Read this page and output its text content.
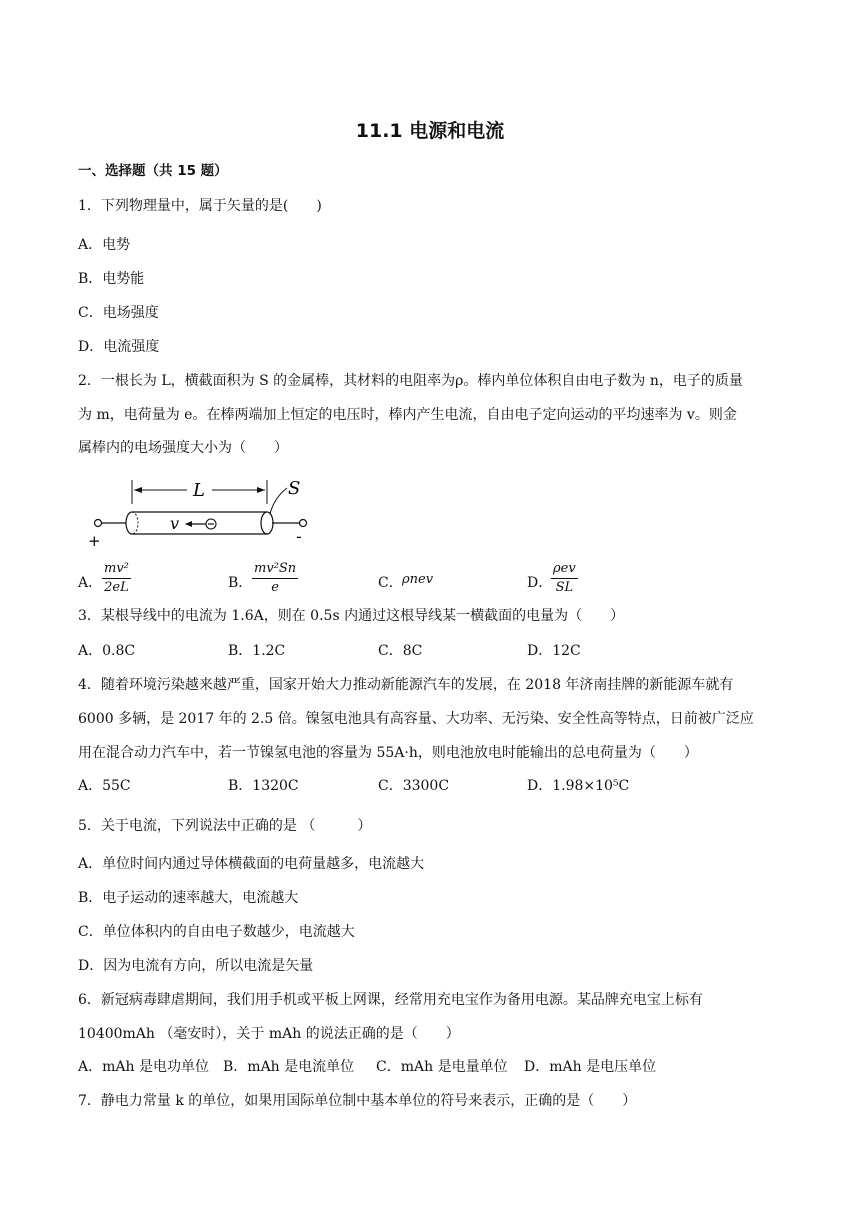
11.1 电源和电流
一、选择题（共 15 题）
1．下列物理量中，属于矢量的是(　　)
A．电势
B．电势能
C．电场强度
D．电流强度
2．一根长为 L，横截面积为 S 的金属棒，其材料的电阻率为ρ。棒内单位体积自由电子数为 n，电子的质量
为 m，电荷量为 e。在棒两端加上恒定的电压时，棒内产生电流，自由电子定向运动的平均速率为 v。则金
属棒内的电场强度大小为（　　）
L	S
v
+	-
A． $\frac{\text{mv²}}{2eL}$	B． $\frac{\text{mv²Sn}}{e}$	C． ρnev	D．
ρev
SL
3．某根导线中的电流为 1.6A，则在 0.5s 内通过这根导线某一横截面的电量为（　　）
A．0.8C	B．1.2C	C．8C	D．12C
4．随着环境污染越来越严重，国家开始大力推动新能源汽车的发展，在 2018 年济南挂牌的新能源车就有
6000 多辆，是 2017 年的 2.5 倍。镍氢电池具有高容量、大功率、无污染、安全性高等特点，日前被广泛应
用在混合动力汽车中，若一节镍氢电池的容量为 55A·h，则电池放电时能输出的总电荷量为（　　）
A．55C	B．1320C	C．3300C	D．1.98×10⁵C
5．关于电流，下列说法中正确的是 （　　　）
A．单位时间内通过导体横截面的电荷量越多，电流越大
B．电子运动的速率越大，电流越大
C．单位体积内的自由电子数越少，电流越大
D．因为电流有方向，所以电流是矢量
6．新冠病毒肆虐期间，我们用手机或平板上网课，经常用充电宝作为备用电源。某品牌充电宝上标有
10400mAh （毫安时），关于 mAh 的说法正确的是（　　）
A．mAh 是电功单位 B．mAh 是电流单位 C．mAh 是电量单位 D．mAh 是电压单位
7．静电力常量 k 的单位，如果用国际单位制中基本单位的符号来表示，正确的是（　　）
